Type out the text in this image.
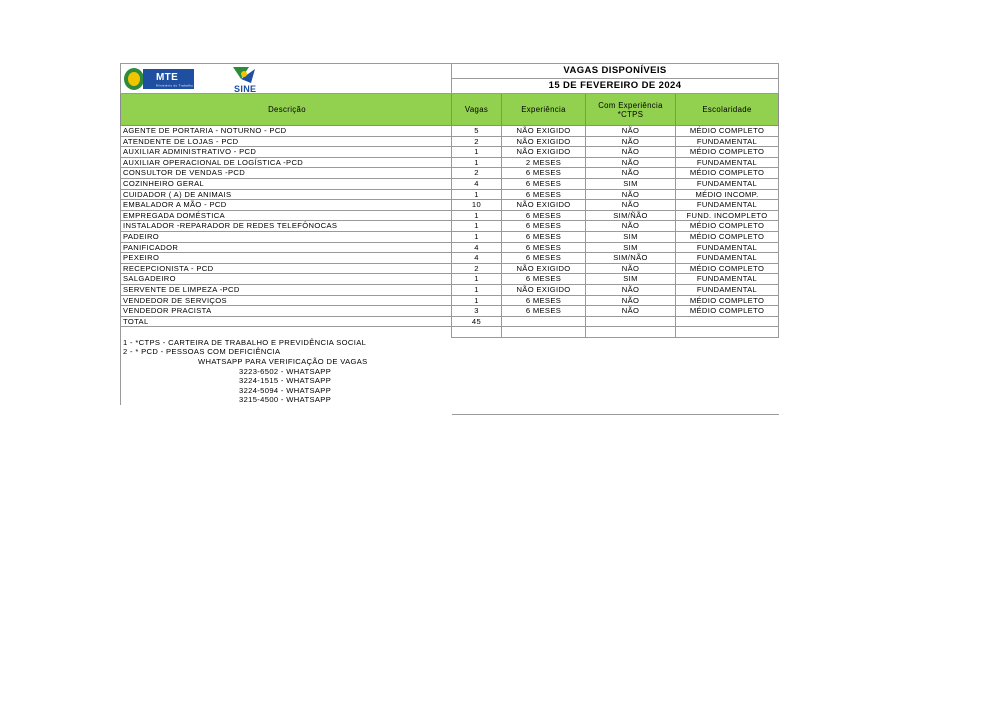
MTE
Ministério do Trabalho e Emprego SINE	VAGAS DISPONÍVEIS			
	15 DE FEVEREIRO DE 2024			
Descrição	Vagas	Experiência	Com Experiência *CTPS	Escolaridade
AGENTE DE PORTARIA - NOTURNO - PCD	5	NÃO EXIGIDO	NÃO	MÉDIO COMPLETO
ATENDENTE DE LOJAS - PCD	2	NÃO EXIGIDO	NÃO	FUNDAMENTAL
AUXILIAR ADMINISTRATIVO - PCD	1	NÃO EXIGIDO	NÃO	MÉDIO COMPLETO
AUXILIAR OPERACIONAL DE LOGÍSTICA -PCD	1	2 MESES	NÃO	FUNDAMENTAL
CONSULTOR DE VENDAS -PCD	2	6 MESES	NÃO	MÉDIO COMPLETO
COZINHEIRO GERAL	4	6 MESES	SIM	FUNDAMENTAL
CUIDADOR ( A) DE ANIMAIS	1	6 MESES	NÃO	MÉDIO INCOMP.
EMBALADOR A MÃO - PCD	10	NÃO EXIGIDO	NÃO	FUNDAMENTAL
EMPREGADA DOMÉSTICA	1	6 MESES	SIM/ÑÃO	FUND. INCOMPLETO
INSTALADOR -REPARADOR DE REDES TELEFÔNOCAS	1	6 MESES	NÃO	MÉDIO COMPLETO
PADEIRO	1	6 MESES	SIM	MÉDIO COMPLETO
PANIFICADOR	4	6 MESES	SIM	FUNDAMENTAL
PEXEIRO	4	6 MESES	SIM/NÃO	FUNDAMENTAL
RECEPCIONISTA - PCD	2	NÃO EXIGIDO	NÃO	MÉDIO COMPLETO
SALGADEIRO	1	6 MESES	SIM	FUNDAMENTAL
SERVENTE DE LIMPEZA -PCD	1	NÃO EXIGIDO	NÃO	FUNDAMENTAL
VENDEDOR DE SERVIÇOS	1	6 MESES	NÃO	MÉDIO COMPLETO
VENDEDOR PRACISTA	3	6 MESES	NÃO	MÉDIO COMPLETO
TOTAL	45			

1 - *CTPS - CARTEIRA DE TRABALHO E PREVIDÊNCIA SOCIAL				
2 - * PCD - PESSOAS COM DEFICIÊNCIA				
WHATSAPP PARA VERIFICAÇÃO DE VAGAS				
3223-6502 - WHATSAPP				
3224-1515 - WHATSAPP				
3224-5094 - WHATSAPP				
3215-4500 - WHATSAPP				
